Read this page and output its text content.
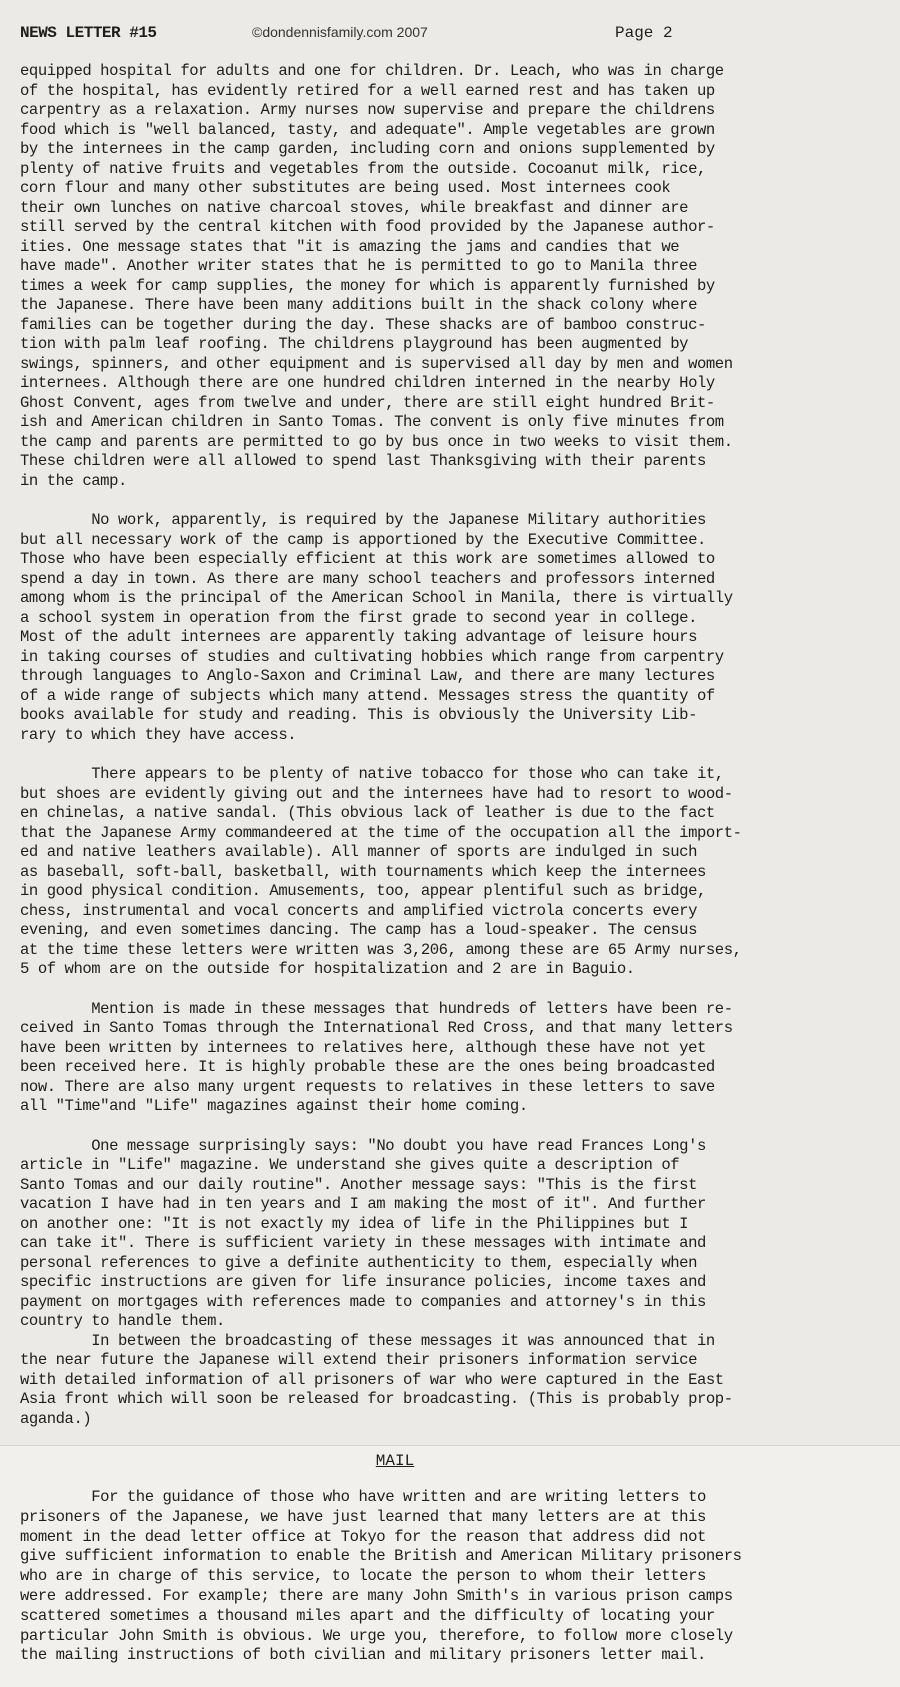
NEWS LETTER #15	©dondennisfamily.com 2007	Page 2

equipped hospital for adults and one for children. Dr. Leach, who was in charge
of the hospital, has evidently retired for a well earned rest and has taken up
carpentry as a relaxation. Army nurses now supervise and prepare the childrens
food which is "well balanced, tasty, and adequate". Ample vegetables are grown
by the internees in the camp garden, including corn and onions supplemented by
plenty of native fruits and vegetables from the outside. Cocoanut milk, rice,
corn flour and many other substitutes are being used. Most internees cook
their own lunches on native charcoal stoves, while breakfast and dinner are
still served by the central kitchen with food provided by the Japanese author-
ities. One message states that "it is amazing the jams and candies that we
have made". Another writer states that he is permitted to go to Manila three
times a week for camp supplies, the money for which is apparently furnished by
the Japanese. There have been many additions built in the shack colony where
families can be together during the day. These shacks are of bamboo construc-
tion with palm leaf roofing. The childrens playground has been augmented by
swings, spinners, and other equipment and is supervised all day by men and women
internees. Although there are one hundred children interned in the nearby Holy
Ghost Convent, ages from twelve and under, there are still eight hundred Brit-
ish and American children in Santo Tomas. The convent is only five minutes from
the camp and parents are permitted to go by bus once in two weeks to visit them.
These children were all allowed to spend last Thanksgiving with their parents
in the camp.

No work, apparently, is required by the Japanese Military authorities
but all necessary work of the camp is apportioned by the Executive Committee.
Those who have been especially efficient at this work are sometimes allowed to
spend a day in town. As there are many school teachers and professors interned
among whom is the principal of the American School in Manila, there is virtually
a school system in operation from the first grade to second year in college.
Most of the adult internees are apparently taking advantage of leisure hours
in taking courses of studies and cultivating hobbies which range from carpentry
through languages to Anglo-Saxon and Criminal Law, and there are many lectures
of a wide range of subjects which many attend. Messages stress the quantity of
books available for study and reading. This is obviously the University Lib-
rary to which they have access.

There appears to be plenty of native tobacco for those who can take it,
but shoes are evidently giving out and the internees have had to resort to wood-
en chinelas, a native sandal. (This obvious lack of leather is due to the fact
that the Japanese Army commandeered at the time of the occupation all the import-
ed and native leathers available). All manner of sports are indulged in such
as baseball, soft-ball, basketball, with tournaments which keep the internees
in good physical condition. Amusements, too, appear plentiful such as bridge,
chess, instrumental and vocal concerts and amplified victrola concerts every
evening, and even sometimes dancing. The camp has a loud-speaker. The census
at the time these letters were written was 3,206, among these are 65 Army nurses,
5 of whom are on the outside for hospitalization and 2 are in Baguio.

Mention is made in these messages that hundreds of letters have been re-
ceived in Santo Tomas through the International Red Cross, and that many letters
have been written by internees to relatives here, although these have not yet
been received here. It is highly probable these are the ones being broadcasted
now. There are also many urgent requests to relatives in these letters to save
all "Time"and "Life" magazines against their home coming.

One message surprisingly says: "No doubt you have read Frances Long's
article in "Life" magazine. We understand she gives quite a description of
Santo Tomas and our daily routine". Another message says: "This is the first
vacation I have had in ten years and I am making the most of it". And further
on another one: "It is not exactly my idea of life in the Philippines but I
can take it". There is sufficient variety in these messages with intimate and
personal references to give a definite authenticity to them, especially when
specific instructions are given for life insurance policies, income taxes and
payment on mortgages with references made to companies and attorney's in this
country to handle them.

In between the broadcasting of these messages it was announced that in
the near future the Japanese will extend their prisoners information service
with detailed information of all prisoners of war who were captured in the East
Asia front which will soon be released for broadcasting. (This is probably prop-
aganda.)

MAIL

For the guidance of those who have written and are writing letters to
prisoners of the Japanese, we have just learned that many letters are at this
moment in the dead letter office at Tokyo for the reason that address did not
give sufficient information to enable the British and American Military prisoners
who are in charge of this service, to locate the person to whom their letters
were addressed. For example; there are many John Smith's in various prison camps
scattered sometimes a thousand miles apart and the difficulty of locating your
particular John Smith is obvious. We urge you, therefore, to follow more closely
the mailing instructions of both civilian and military prisoners letter mail.
